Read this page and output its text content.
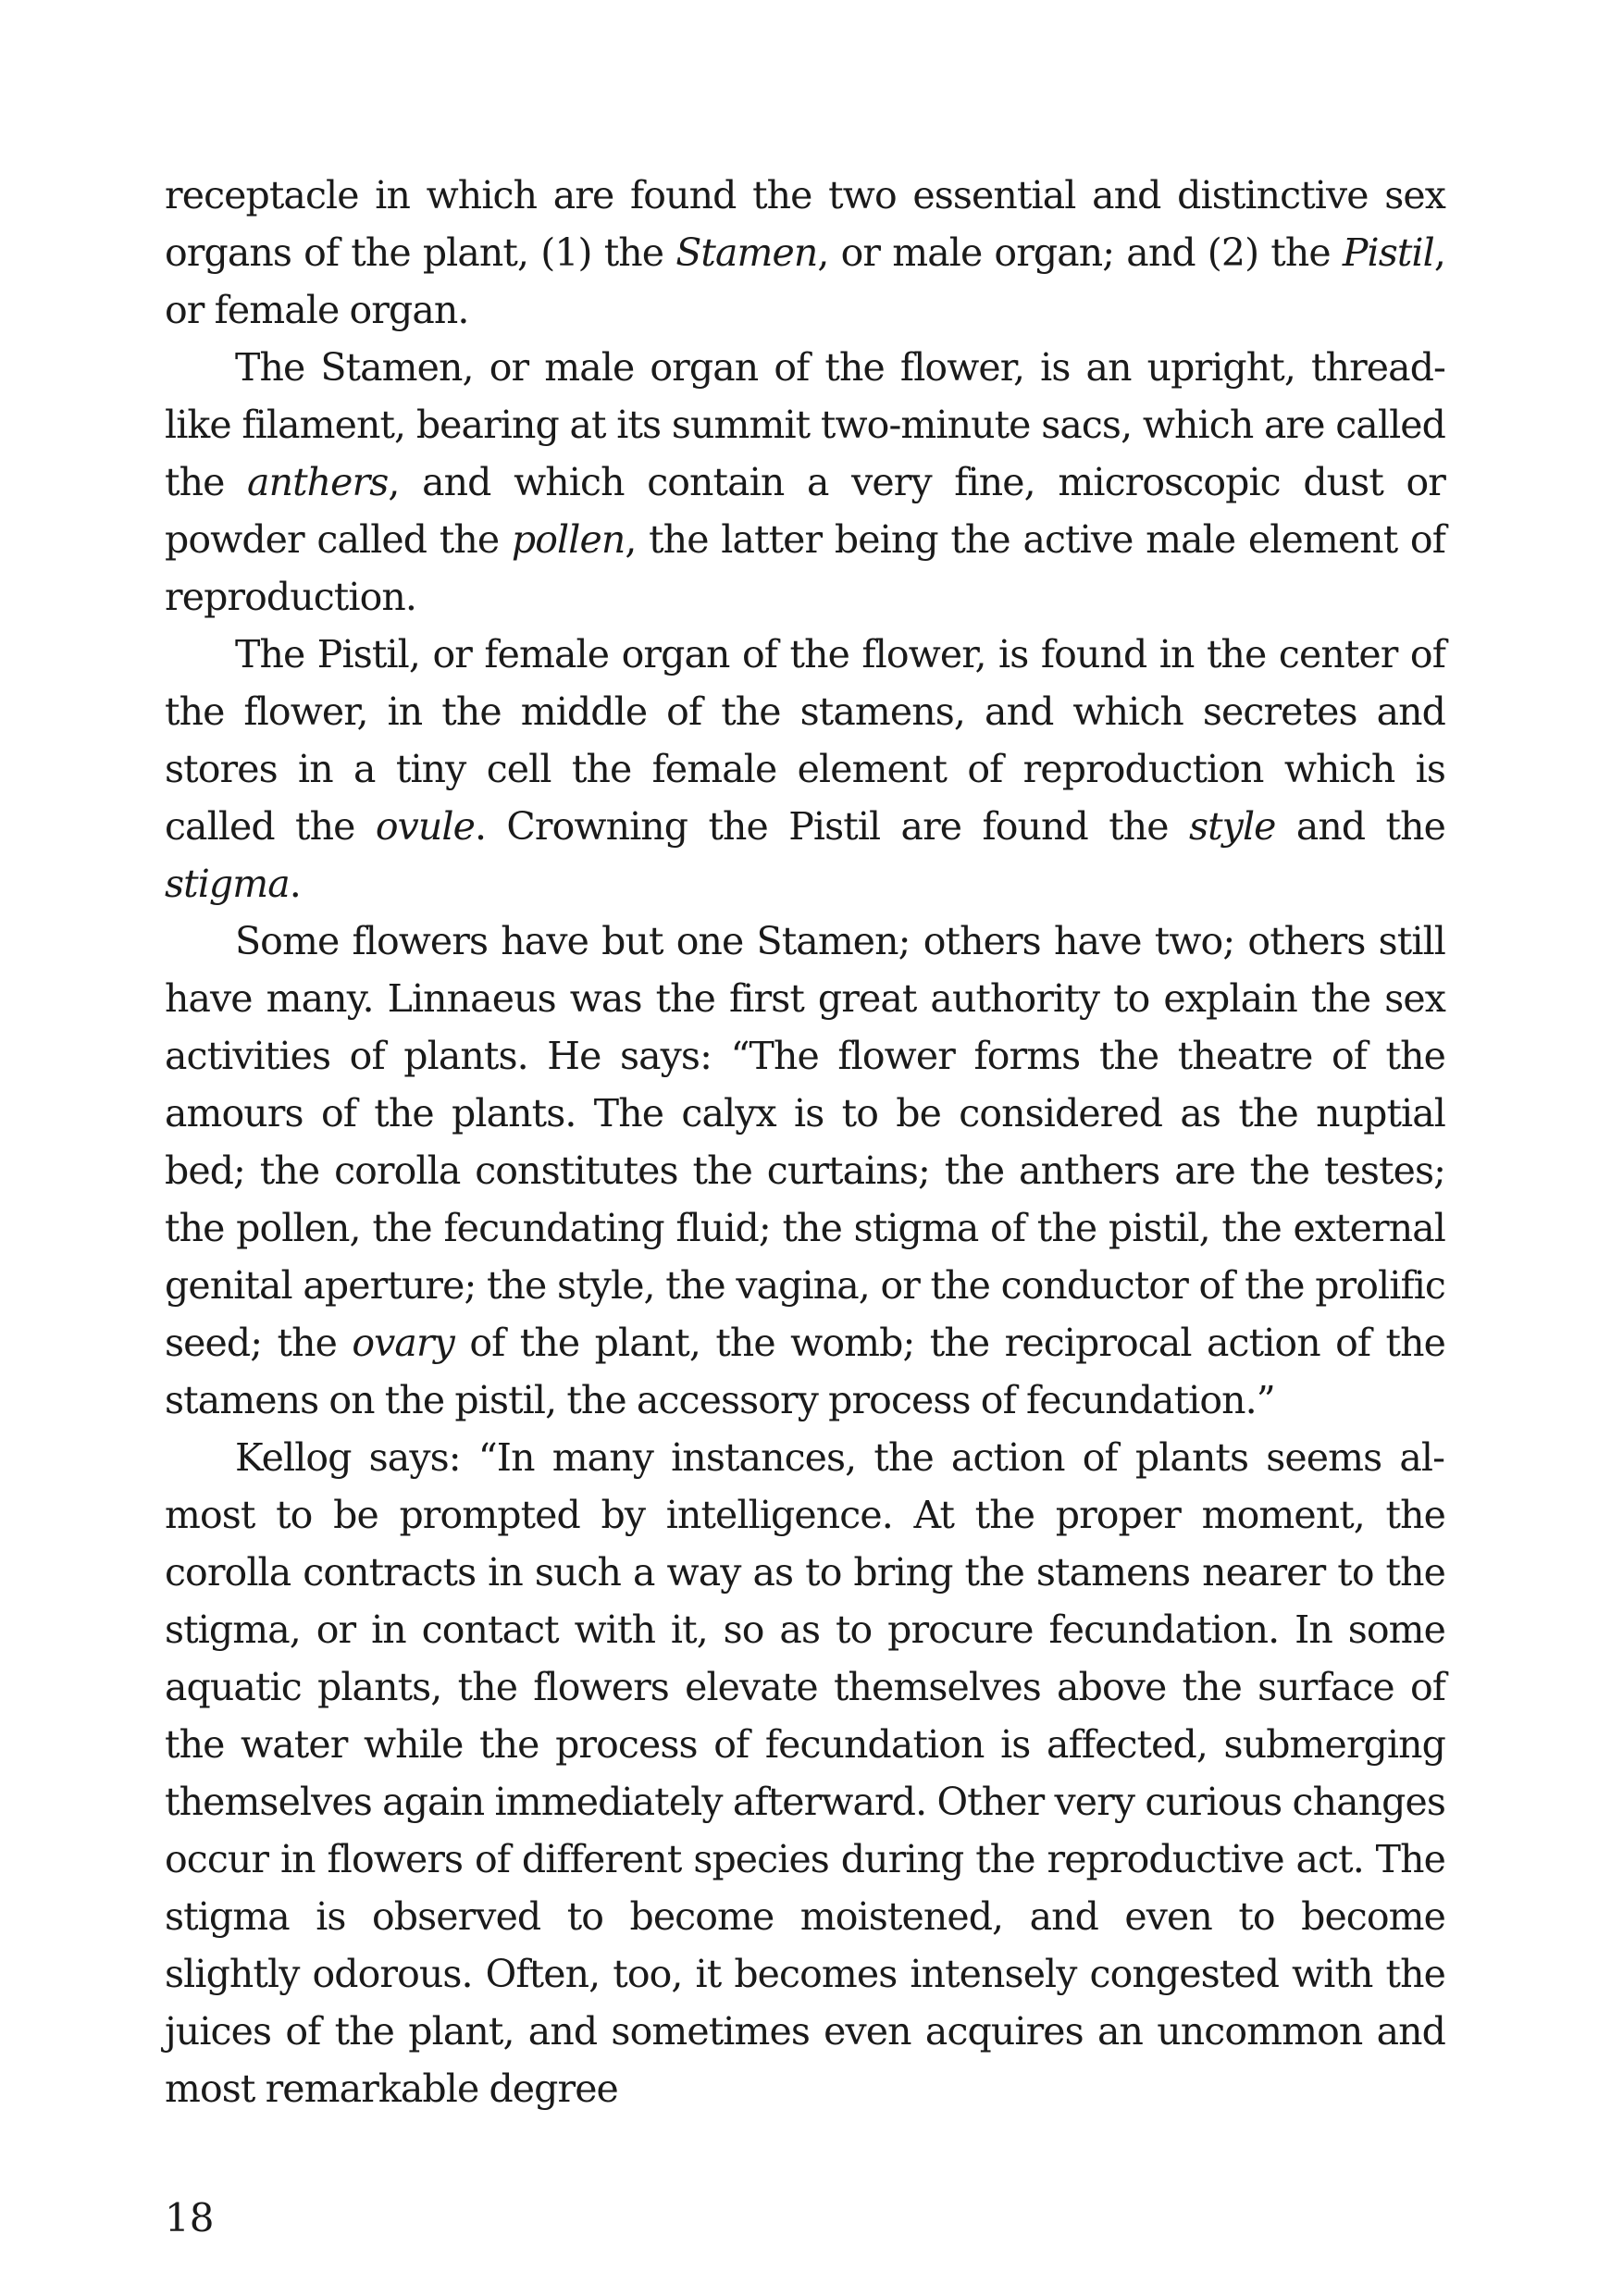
receptacle in which are found the two essential and distinctive sex organs of the plant, (1) the Stamen, or male organ; and (2) the Pistil, or female organ.

The Stamen, or male organ of the flower, is an upright, thread-like filament, bearing at its summit two-minute sacs, which are called the anthers, and which contain a very fine, microscopic dust or powder called the pollen, the latter being the active male element of reproduction.

The Pistil, or female organ of the flower, is found in the center of the flower, in the middle of the stamens, and which secretes and stores in a tiny cell the female element of reproduction which is called the ovule. Crowning the Pistil are found the style and the stigma.

Some flowers have but one Stamen; others have two; others still have many. Linnaeus was the first great authority to explain the sex activities of plants. He says: “The flower forms the theatre of the amours of the plants. The calyx is to be considered as the nuptial bed; the corolla constitutes the curtains; the anthers are the testes; the pollen, the fecundating fluid; the stigma of the pistil, the external genital aperture; the style, the vagina, or the conductor of the prolific seed; the ovary of the plant, the womb; the reciprocal action of the stamens on the pistil, the accessory process of fecundation.”

Kellog says: “In many instances, the action of plants seems almost to be prompted by intelligence. At the proper moment, the corolla contracts in such a way as to bring the stamens nearer to the stigma, or in contact with it, so as to procure fecundation. In some aquatic plants, the flowers elevate themselves above the surface of the water while the process of fecundation is affected, submerging themselves again immediately afterward. Other very curious changes occur in flowers of different species during the reproductive act. The stigma is observed to become moistened, and even to become slightly odorous. Often, too, it becomes intensely congested with the juices of the plant, and sometimes even acquires an uncommon and most remarkable degree

18
